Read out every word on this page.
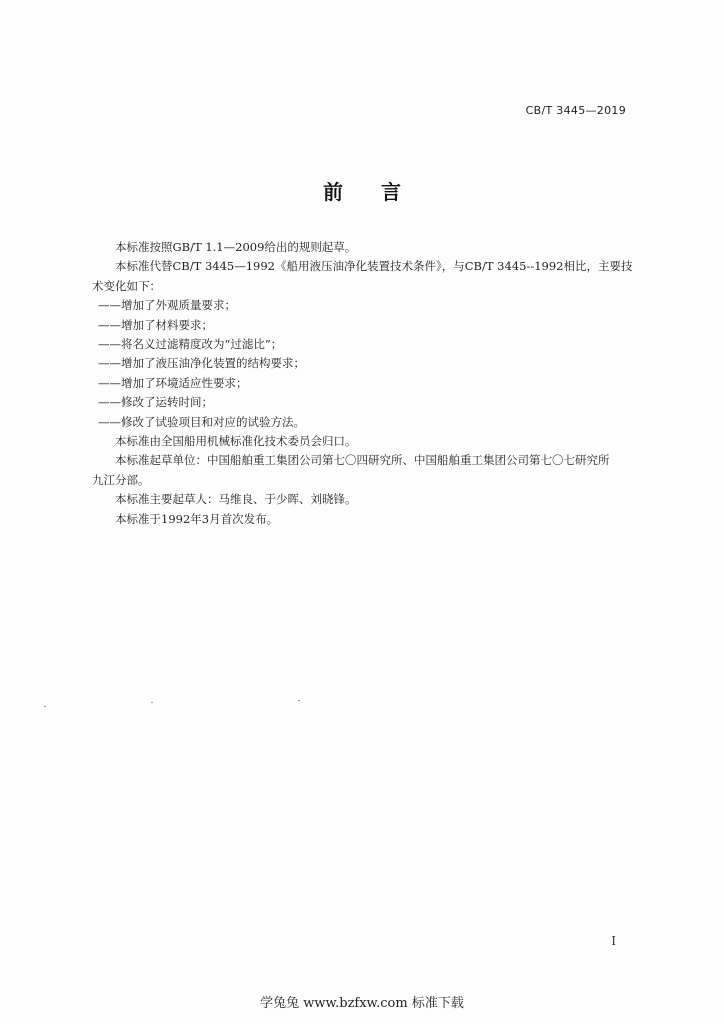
CB/T 3445—2019
前言

本标准按照GB/T 1.1—2009给出的规则起草。

本标准代替CB/T 3445—1992《船用液压油净化装置技术条件》，与CB/T 3445--1992相比，主要技

术变化如下：

——增加了外观质量要求；

——增加了材料要求；

——将名义过滤精度改为“过滤比”；

——增加了液压油净化装置的结构要求；

——增加了环境适应性要求；

——修改了运转时间；

——修改了试验项目和对应的试验方法。

本标准由全国船用机械标准化技术委员会归口。

本标准起草单位：中国船舶重工集团公司第七〇四研究所、中国船舶重工集团公司第七〇七研究所

九江分部。

本标准主要起草人：马维良、于少晖、刘晓锋。

本标准于1992年3月首次发布。

I
学兔兔 www.bzfxw.com 标准下载
